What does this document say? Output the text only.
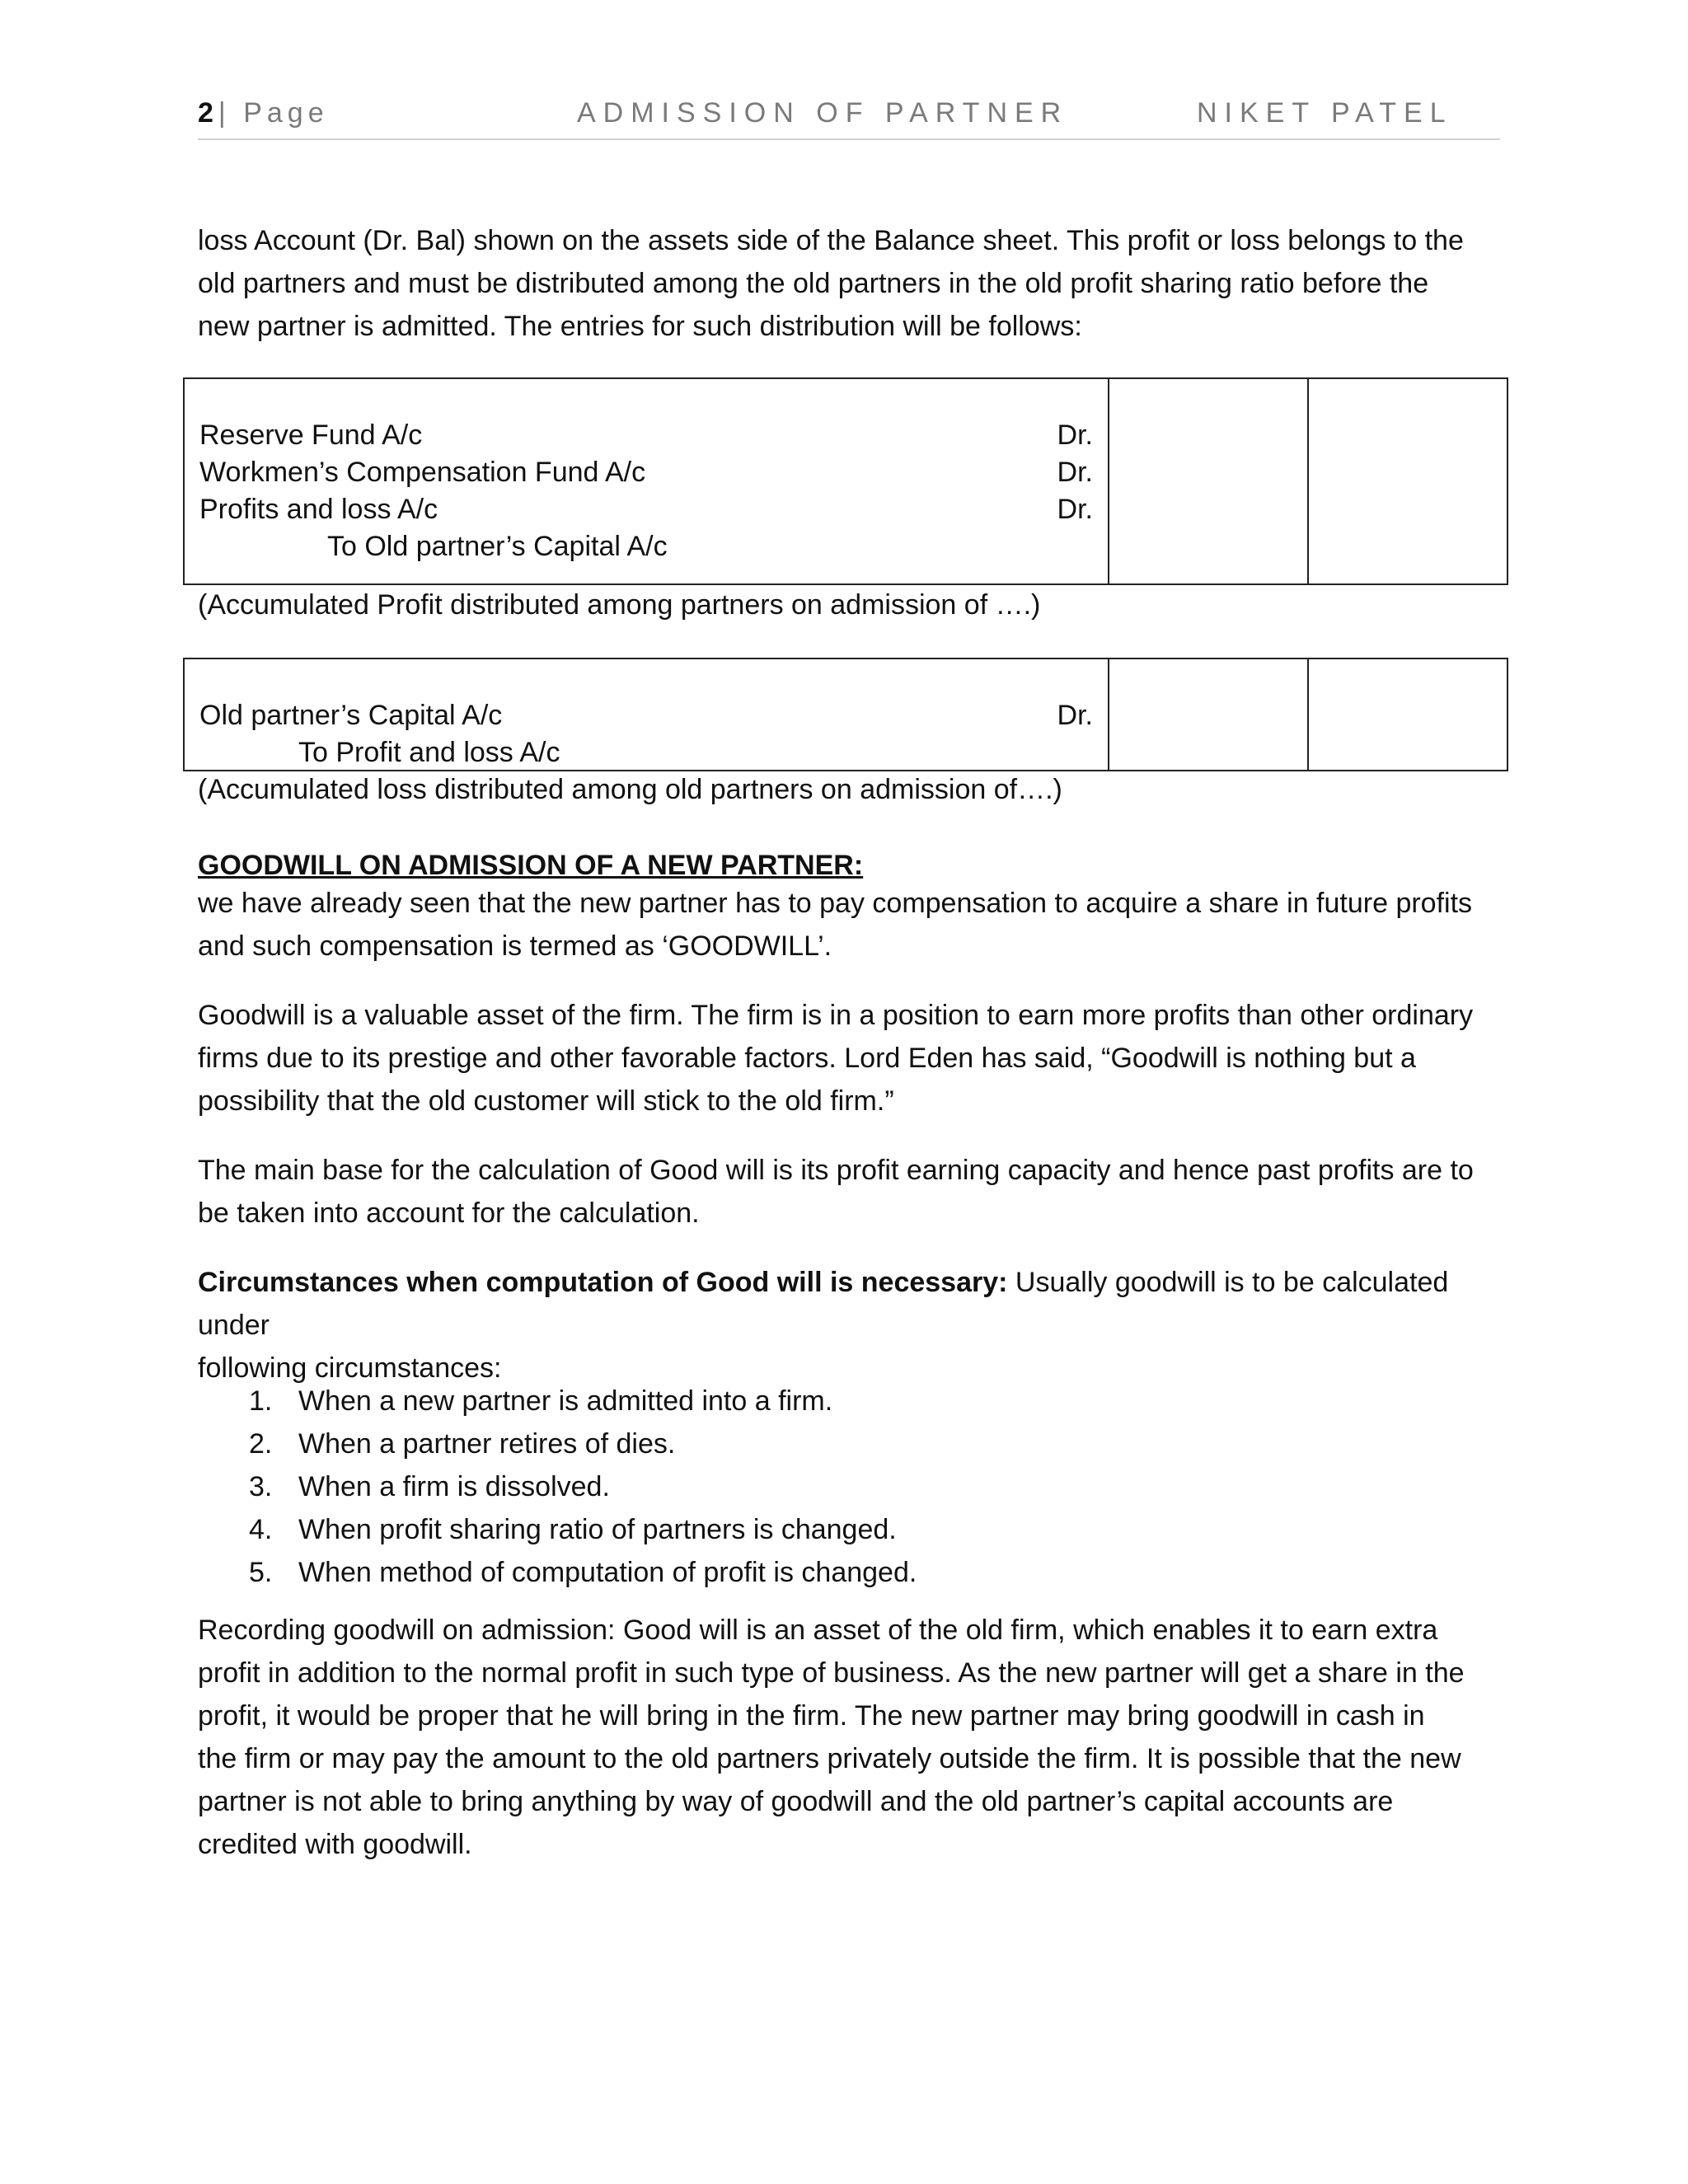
2 | Page	ADMISSION OF PARTNER	NIKET PATEL

loss Account (Dr. Bal) shown on the assets side of the Balance sheet. This profit or loss belongs to the

old partners and must be distributed among the old partners in the old profit sharing ratio before the

new partner is admitted. The entries for such distribution will be follows:

Reserve Fund A/c	Dr.
Workmen’s Compensation Fund A/c	Dr.
Profits and loss A/c	Dr.
To Old partner’s Capital A/c
(Accumulated Profit distributed among partners on admission of ….)
Old partner’s Capital A/c	Dr.
To Profit and loss A/c
(Accumulated loss distributed among old partners on admission of….)
GOODWILL ON ADMISSION OF A NEW PARTNER:

we have already seen that the new partner has to pay compensation to acquire a share in future profits

and such compensation is termed as ‘GOODWILL’.

Goodwill is a valuable asset of the firm. The firm is in a position to earn more profits than other ordinary

firms due to its prestige and other favorable factors. Lord Eden has said, “Goodwill is nothing but a

possibility that the old customer will stick to the old firm.”

The main base for the calculation of Good will is its profit earning capacity and hence past profits are to

be taken into account for the calculation.

Circumstances when computation of Good will is necessary: Usually goodwill is to be calculated under

following circumstances:

1. When a new partner is admitted into a firm.
2. When a partner retires of dies.
3. When a firm is dissolved.
4. When profit sharing ratio of partners is changed.
5. When method of computation of profit is changed.

Recording goodwill on admission: Good will is an asset of the old firm, which enables it to earn extra

profit in addition to the normal profit in such type of business. As the new partner will get a share in the

profit, it would be proper that he will bring in the firm. The new partner may bring goodwill in cash in

the firm or may pay the amount to the old partners privately outside the firm. It is possible that the new

partner is not able to bring anything by way of goodwill and the old partner’s capital accounts are

credited with goodwill.
